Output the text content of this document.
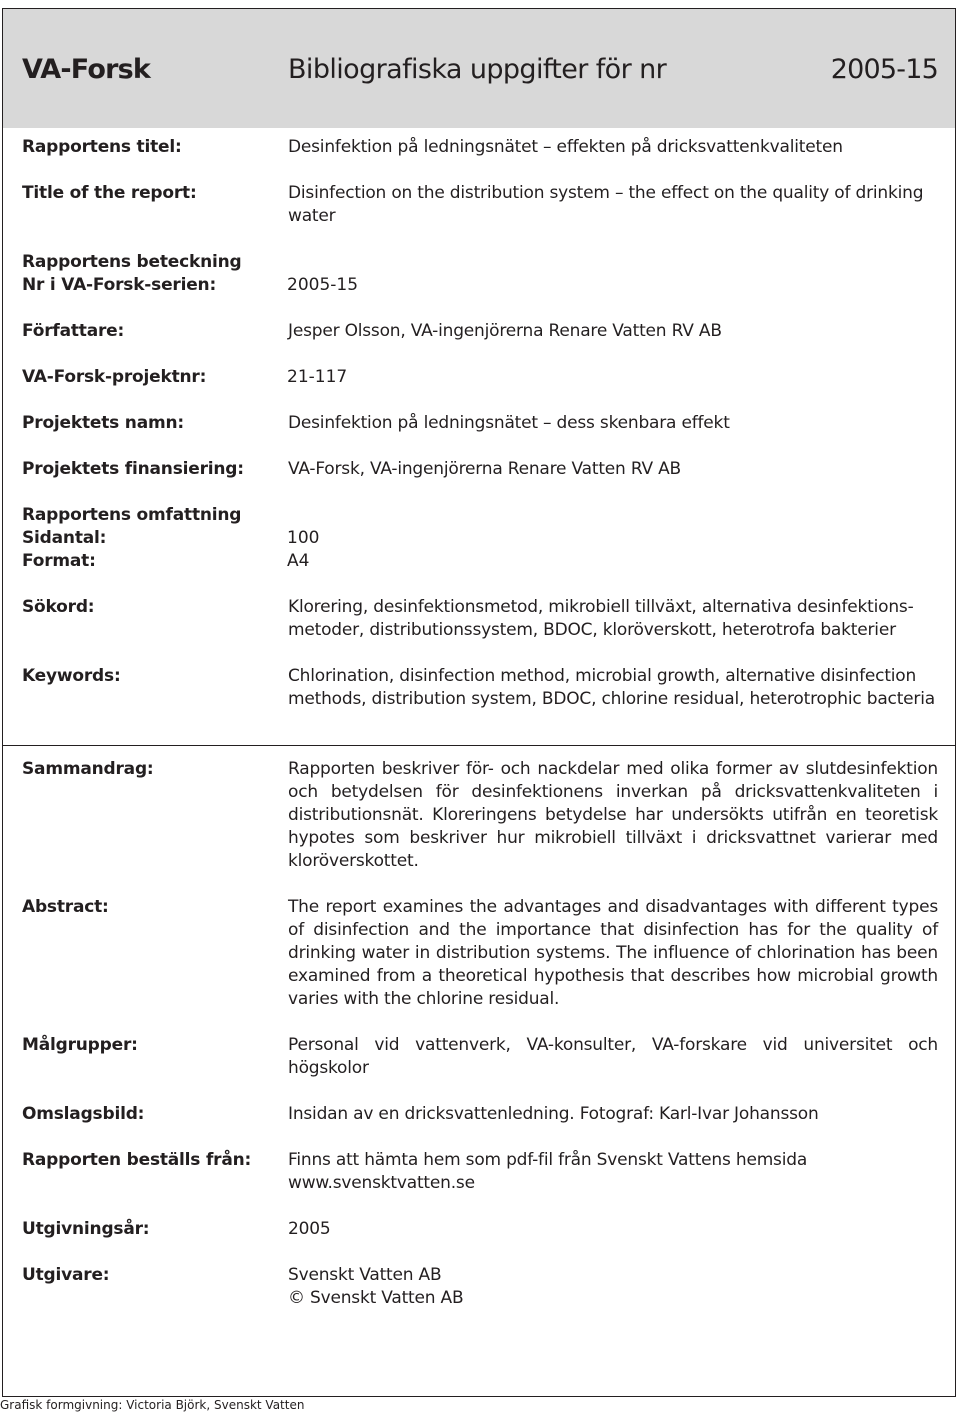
VA-Forsk	Bibliografiska uppgifter för nr	2005-15
Rapportens titel:	Desinfektion på ledningsnätet – effekten på dricksvattenkvaliteten
Title of the report:	Disinfection on the distribution system – the effect on the quality of drinking
water
Rapportens beteckning
Nr i VA-Forsk-serien:	2005-15
Författare:	Jesper Olsson, VA-ingenjörerna Renare Vatten RV AB
VA-Forsk-projektnr:	21-117
Projektets namn:	Desinfektion på ledningsnätet – dess skenbara effekt
Projektets finansiering:	VA-Forsk, VA-ingenjörerna Renare Vatten RV AB
Rapportens omfattning
Sidantal:	100
Format:	A4
Sökord:	Klorering, desinfektionsmetod, mikrobiell tillväxt, alternativa desinfektions-
metoder, distributionssystem, BDOC, kloröverskott, heterotrofa bakterier
Keywords:	Chlorination, disinfection method, microbial growth, alternative disinfection
methods, distribution system, BDOC, chlorine residual, heterotrophic bacteria
Sammandrag:	Rapporten beskriver för- och nackdelar med olika former av slutdesinfektion och betydelsen för desinfektionens inverkan på dricksvattenkvaliteten i distributionsnät. Kloreringens betydelse har undersökts utifrån en teoretisk hypotes som beskriver hur mikrobiell tillväxt i dricksvattnet varierar med kloröverskottet.
Abstract:	The report examines the advantages and disadvantages with different types of disinfection and the importance that disinfection has for the quality of drinking water in distribution systems. The influence of chlorination has been examined from a theoretical hypothesis that describes how microbial growth varies with the chlorine residual.
Målgrupper:	Personal vid vattenverk, VA-konsulter, VA-forskare vid universitet och högskolor
Omslagsbild:	Insidan av en dricksvattenledning. Fotograf: Karl-Ivar Johansson
Rapporten beställs från: Finns att hämta hem som pdf-fil från Svenskt Vattens hemsida
www.svensktvatten.se
Utgivningsår:	2005
Utgivare:	Svenskt Vatten AB
© Svenskt Vatten AB
Grafisk formgivning: Victoria Björk, Svenskt Vatten
